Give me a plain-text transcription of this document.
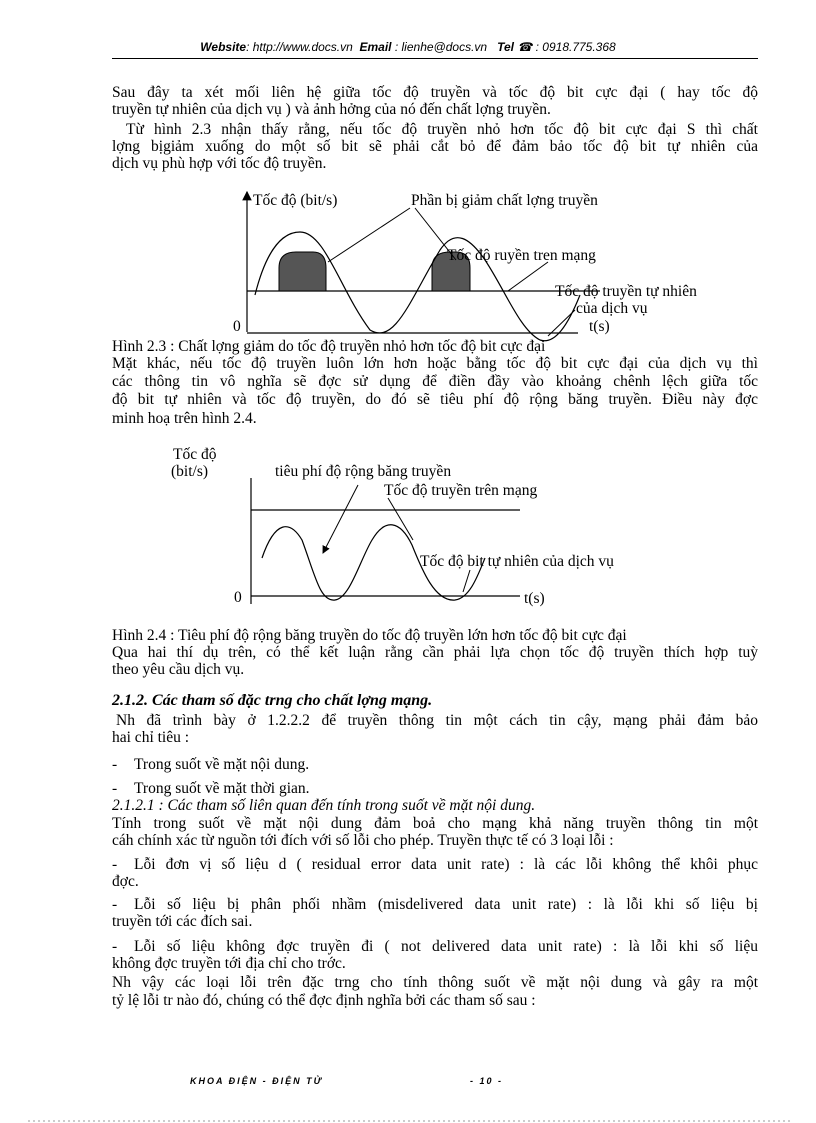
Website: http://www.docs.vn Email : lienhe@docs.vn Tel ☎ : 0918.775.368
Sau đây ta xét mối liên hệ giữa tốc độ truyền và tốc độ bit cực đại ( hay tốc độ
truyền tự nhiên của dịch vụ ) và ảnh hởng của nó đến chất lợng truyền.
Từ hình 2.3 nhận thấy rằng, nếu tốc độ truyền nhỏ hơn tốc độ bit cực đại S thì chất
lợng bịgiảm xuống do một số bit sẽ phải cắt bỏ để đảm bảo tốc độ bit tự nhiên của
dịch vụ phù hợp với tốc độ truyền.
Tốc độ (bit/s)	Phần bị giảm chất lợng truyền
Tốc độ ruyền tren mạng
Tốc độ truyền tự nhiên
của dịch vụ
0	t(s)
Hình 2.3 : Chất lợng giảm do tốc độ truyền nhỏ hơn tốc độ bit cực đại
Mặt khác, nếu tốc độ truyền luôn lớn hơn hoặc bằng tốc độ bit cực đại của dịch vụ thì
các thông tin vô nghĩa sẽ đợc sử dụng để điền đầy vào khoảng chênh lệch giữa tốc
độ bit tự nhiên và tốc độ truyền, do đó sẽ tiêu phí độ rộng băng truyền. Điều này đợc
minh hoạ trên hình 2.4.
Tốc độ
(bit/s)	tiêu phí độ rộng băng truyền
Tốc độ truyền trên mạng
Tốc độ bit tự nhiên của dịch vụ
0	t(s)
Hình 2.4 : Tiêu phí độ rộng băng truyền do tốc độ truyền lớn hơn tốc độ bit cực đại
Qua hai thí dụ trên, có thể kết luận rằng cần phải lựa chọn tốc độ truyền thích hợp tuỳ
theo yêu cầu dịch vụ.
2.1.2. Các tham số đặc trng cho chất lợng mạng.
Nh đã trình bày ở 1.2.2.2 để truyền thông tin một cách tin cậy, mạng phải đảm bảo
hai chỉ tiêu :
- Trong suốt về mặt nội dung.
- Trong suốt về mặt thời gian.
2.1.2.1 : Các tham số liên quan đến tính trong suốt về mặt nội dung.
Tính trong suốt về mặt nội dung đảm boả cho mạng khả năng truyền thông tin một
cáh chính xác từ nguồn tới đích với số lỗi cho phép. Truyền thực tế có 3 loại lỗi :
- Lỗi đơn vị số liệu d ( residual error data unit rate) : là các lỗi không thể khôi phục
đợc.
- Lỗi số liệu bị phân phối nhầm (misdelivered data unit rate) : là lỗi khi số liệu bị
truyền tới các đích sai.
- Lỗi số liệu không đợc truyền đi ( not delivered data unit rate) : là lỗi khi số liệu
không đợc truyền tới địa chỉ cho trớc.
Nh vậy các loại lỗi trên đặc trng cho tính thông suốt về mặt nội dung và gây ra một
tỷ lệ lỗi tr nào đó, chúng có thể đợc định nghĩa bởi các tham số sau :
KHOA ĐIỆN - ĐIỆN TỬ	- 10 -
